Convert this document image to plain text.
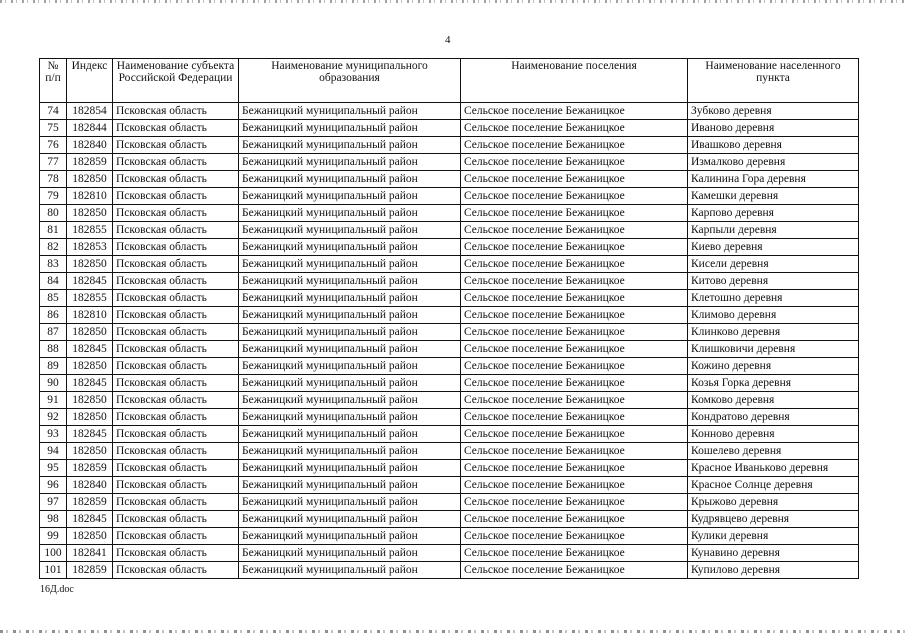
4
№ п/п	Индекс	Наименование субъекта Российской Федерации	Наименование муниципального образования	Наименование поселения	Наименование населенного пункта
74	182854	Псковская область	Бежаницкий муниципальный район	Сельское поселение Бежаницкое	Зубково деревня
75	182844	Псковская область	Бежаницкий муниципальный район	Сельское поселение Бежаницкое	Иваново деревня
76	182840	Псковская область	Бежаницкий муниципальный район	Сельское поселение Бежаницкое	Ивашково деревня
77	182859	Псковская область	Бежаницкий муниципальный район	Сельское поселение Бежаницкое	Измалково деревня
78	182850	Псковская область	Бежаницкий муниципальный район	Сельское поселение Бежаницкое	Калинина Гора деревня
79	182810	Псковская область	Бежаницкий муниципальный район	Сельское поселение Бежаницкое	Камешки деревня
80	182850	Псковская область	Бежаницкий муниципальный район	Сельское поселение Бежаницкое	Карпово деревня
81	182855	Псковская область	Бежаницкий муниципальный район	Сельское поселение Бежаницкое	Карпыли деревня
82	182853	Псковская область	Бежаницкий муниципальный район	Сельское поселение Бежаницкое	Киево деревня
83	182850	Псковская область	Бежаницкий муниципальный район	Сельское поселение Бежаницкое	Кисели деревня
84	182845	Псковская область	Бежаницкий муниципальный район	Сельское поселение Бежаницкое	Китово деревня
85	182855	Псковская область	Бежаницкий муниципальный район	Сельское поселение Бежаницкое	Клетошно деревня
86	182810	Псковская область	Бежаницкий муниципальный район	Сельское поселение Бежаницкое	Климово деревня
87	182850	Псковская область	Бежаницкий муниципальный район	Сельское поселение Бежаницкое	Клинково деревня
88	182845	Псковская область	Бежаницкий муниципальный район	Сельское поселение Бежаницкое	Клишковичи деревня
89	182850	Псковская область	Бежаницкий муниципальный район	Сельское поселение Бежаницкое	Кожино деревня
90	182845	Псковская область	Бежаницкий муниципальный район	Сельское поселение Бежаницкое	Козья Горка деревня
91	182850	Псковская область	Бежаницкий муниципальный район	Сельское поселение Бежаницкое	Комково деревня
92	182850	Псковская область	Бежаницкий муниципальный район	Сельское поселение Бежаницкое	Кондратово деревня
93	182845	Псковская область	Бежаницкий муниципальный район	Сельское поселение Бежаницкое	Конново деревня
94	182850	Псковская область	Бежаницкий муниципальный район	Сельское поселение Бежаницкое	Кошелево деревня
95	182859	Псковская область	Бежаницкий муниципальный район	Сельское поселение Бежаницкое	Красное Иваньково деревня
96	182840	Псковская область	Бежаницкий муниципальный район	Сельское поселение Бежаницкое	Красное Солнце деревня
97	182859	Псковская область	Бежаницкий муниципальный район	Сельское поселение Бежаницкое	Крыжово деревня
98	182845	Псковская область	Бежаницкий муниципальный район	Сельское поселение Бежаницкое	Кудрявцево деревня
99	182850	Псковская область	Бежаницкий муниципальный район	Сельское поселение Бежаницкое	Кулики деревня
100	182841	Псковская область	Бежаницкий муниципальный район	Сельское поселение Бежаницкое	Кунавино деревня
101	182859	Псковская область	Бежаницкий муниципальный район	Сельское поселение Бежаницкое	Купилово деревня
16Д.doc
